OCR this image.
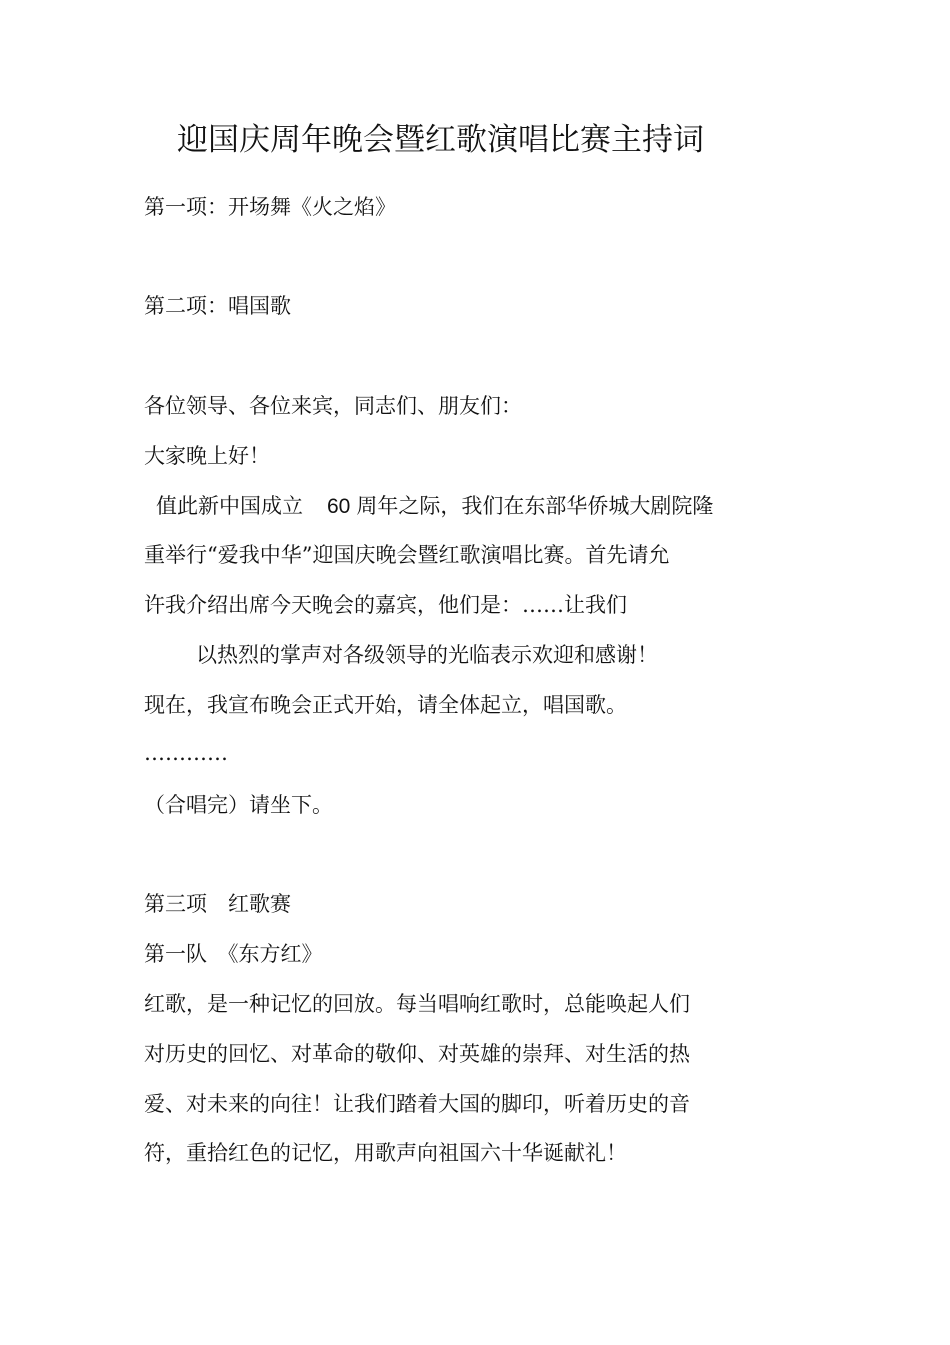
迎国庆周年晚会暨红歌演唱比赛主持词

第一项：开场舞《火之焰》

第二项：唱国歌

各位领导、各位来宾，同志们、朋友们：

大家晚上好！

值此新中国成立 60 周年之际，我们在东部华侨城大剧院隆

重举行“爱我中华”迎国庆晚会暨红歌演唱比赛。首先请允

许我介绍出席今天晚会的嘉宾，他们是：……让我们

以热烈的掌声对各级领导的光临表示欢迎和感谢！

现在，我宣布晚会正式开始，请全体起立，唱国歌。

…………

（合唱完）请坐下。

第三项　红歌赛

第一队　《东方红》

红歌，是一种记忆的回放。每当唱响红歌时，总能唤起人们

对历史的回忆、对革命的敬仰、对英雄的崇拜、对生活的热

爱、对未来的向往！让我们踏着大国的脚印，听着历史的音

符，重拾红色的记忆，用歌声向祖国六十华诞献礼！
